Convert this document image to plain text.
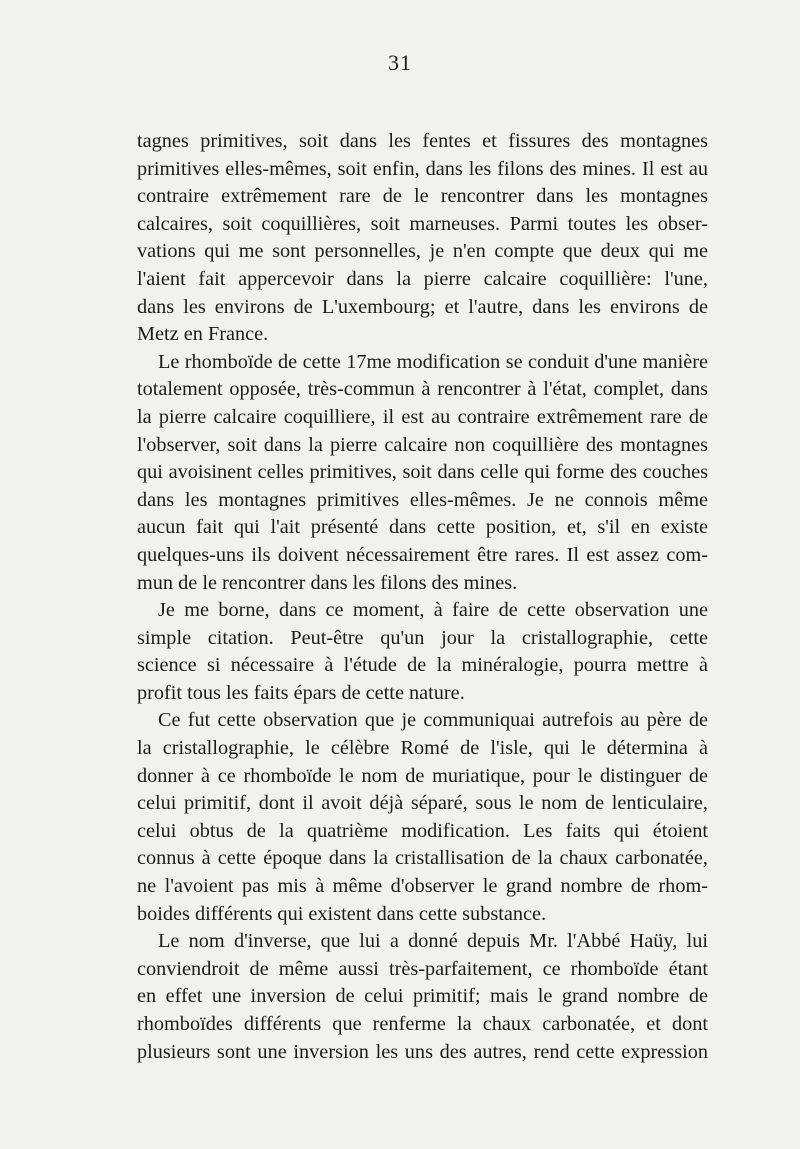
31

tagnes primitives, soit dans les fentes et fissures des montagnes
primitives elles-mêmes, soit enfin, dans les filons des mines. Il est au
contraire extrêmement rare de le rencontrer dans les montagnes
calcaires, soit coquillières, soit marneuses. Parmi toutes les obser-
vations qui me sont personnelles, je n'en compte que deux qui me
l'aient fait appercevoir dans la pierre calcaire coquillière: l'une,
dans les environs de L'uxembourg; et l'autre, dans les environs de
Metz en France.

Le rhomboïde de cette 17me modification se conduit d'une manière
totalement opposée, très-commun à rencontrer à l'état, complet, dans
la pierre calcaire coquilliere, il est au contraire extrêmement rare de
l'observer, soit dans la pierre calcaire non coquillière des montagnes
qui avoisinent celles primitives, soit dans celle qui forme des couches
dans les montagnes primitives elles-mêmes. Je ne connois même
aucun fait qui l'ait présenté dans cette position, et, s'il en existe
quelques-uns ils doivent nécessairement être rares. Il est assez com-
mun de le rencontrer dans les filons des mines.

Je me borne, dans ce moment, à faire de cette observation une
simple citation. Peut-être qu'un jour la cristallographie, cette
science si nécessaire à l'étude de la minéralogie, pourra mettre à
profit tous les faits épars de cette nature.

Ce fut cette observation que je communiquai autrefois au père de
la cristallographie, le célèbre Romé de l'isle, qui le détermina à
donner à ce rhomboïde le nom de muriatique, pour le distinguer de
celui primitif, dont il avoit déjà séparé, sous le nom de lenticulaire,
celui obtus de la quatrième modification. Les faits qui étoient
connus à cette époque dans la cristallisation de la chaux carbonatée,
ne l'avoient pas mis à même d'observer le grand nombre de rhom-
boides différents qui existent dans cette substance.

Le nom d'inverse, que lui a donné depuis Mr. l'Abbé Haüy, lui
conviendroit de même aussi très-parfaitement, ce rhomboïde étant
en effet une inversion de celui primitif; mais le grand nombre de
rhomboïdes différents que renferme la chaux carbonatée, et dont
plusieurs sont une inversion les uns des autres, rend cette expression
